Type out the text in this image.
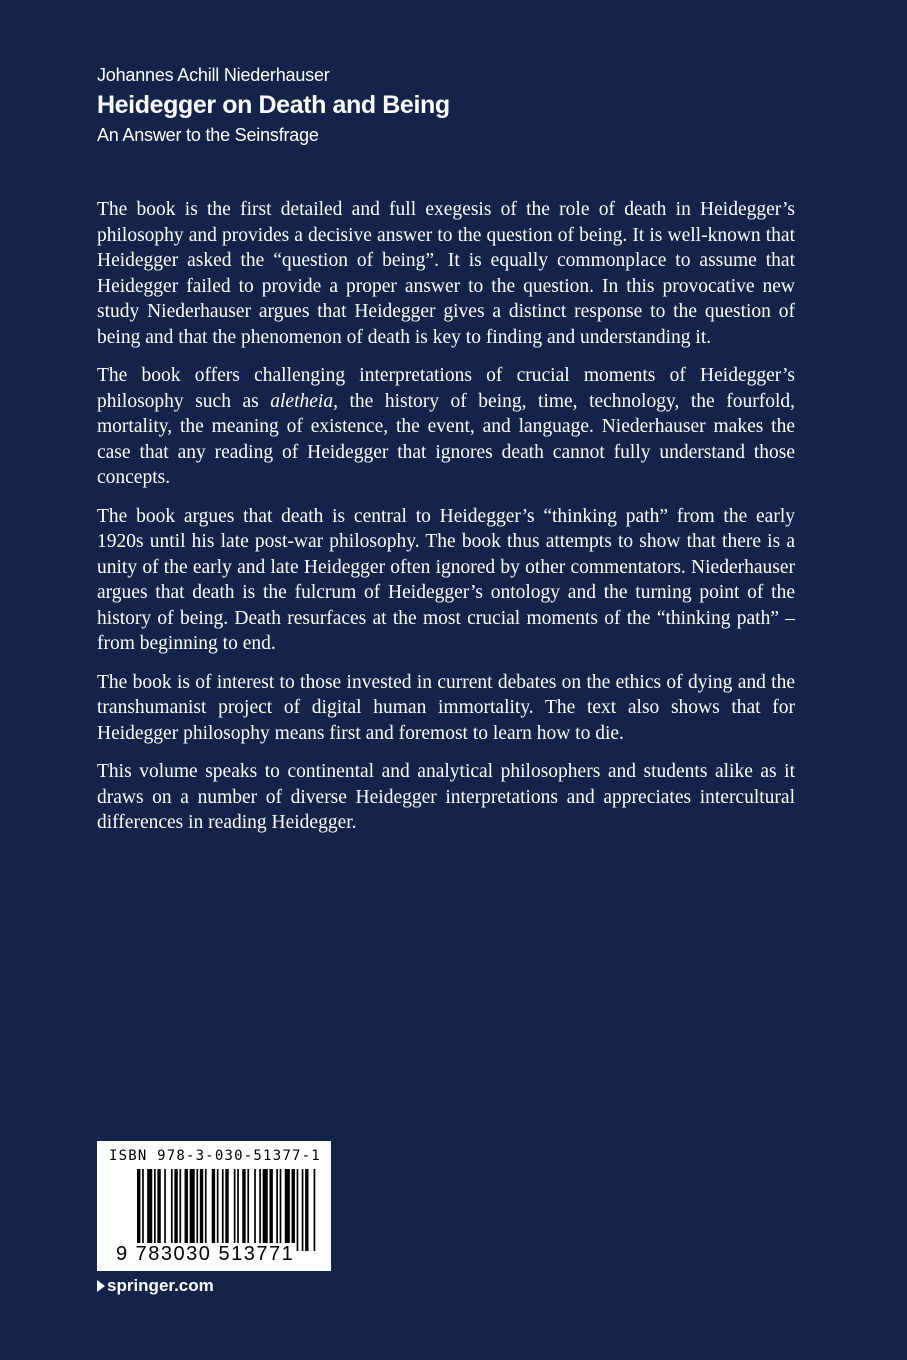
Johannes Achill Niederhauser
Heidegger on Death and Being
An Answer to the Seinsfrage

The book is the first detailed and full exegesis of the role of death in Heidegger’s philosophy and provides a decisive answer to the question of being. It is well-known that Heidegger asked the “question of being”. It is equally commonplace to assume that Heidegger failed to provide a proper answer to the question. In this provocative new study Niederhauser argues that Heidegger gives a distinct response to the question of being and that the phenomenon of death is key to finding and understanding it.

The book offers challenging interpretations of crucial moments of Heidegger’s philosophy such as aletheia, the history of being, time, technology, the fourfold, mortality, the meaning of existence, the event, and language. Niederhauser makes the case that any reading of Heidegger that ignores death cannot fully understand those concepts.

The book argues that death is central to Heidegger’s “thinking path” from the early 1920s until his late post-war philosophy. The book thus attempts to show that there is a unity of the early and late Heidegger often ignored by other commentators. Niederhauser argues that death is the fulcrum of Heidegger’s ontology and the turning point of the history of being. Death resurfaces at the most crucial moments of the “thinking path” – from beginning to end.

The book is of interest to those invested in current debates on the ethics of dying and the transhumanist project of digital human immortality. The text also shows that for Heidegger philosophy means first and foremost to learn how to die.

This volume speaks to continental and analytical philosophers and students alike as it draws on a number of diverse Heidegger interpretations and appreciates intercultural differences in reading Heidegger.

ISBN 978-3-030-51377-1
9 783030 513771
springer.com
